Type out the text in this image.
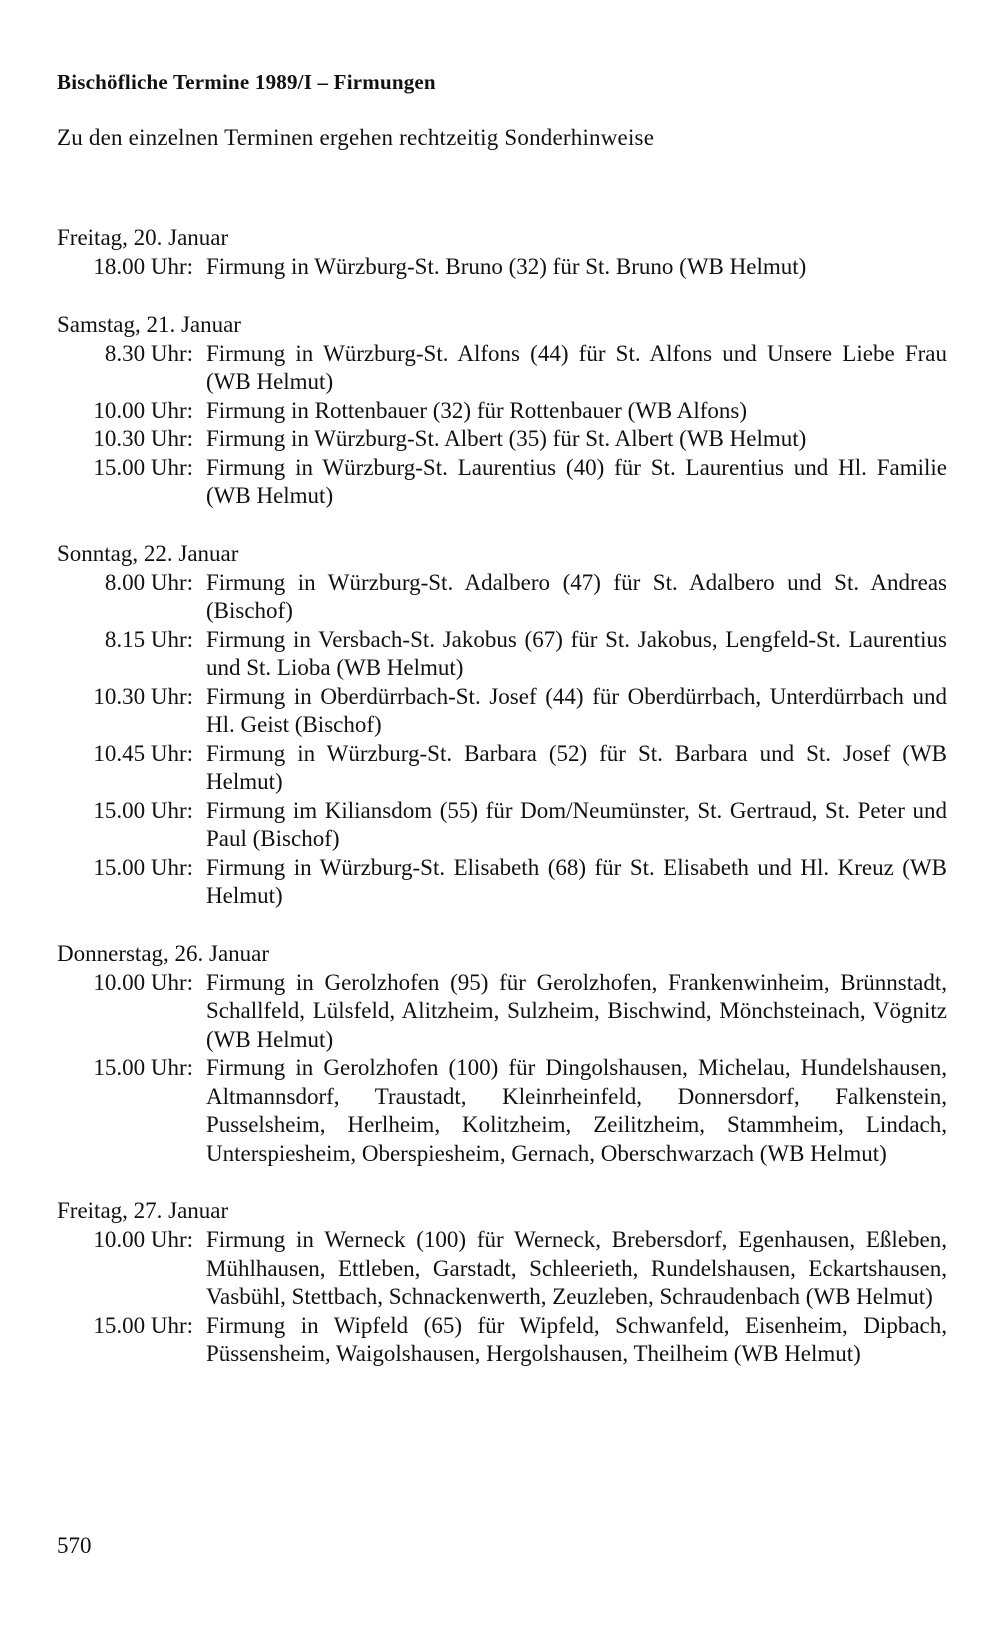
Bischöfliche Termine 1989/I – Firmungen
Zu den einzelnen Terminen ergehen rechtzeitig Sonderhinweise
Freitag, 20. Januar
18.00 Uhr: Firmung in Würzburg-St. Bruno (32) für St. Bruno (WB Helmut)
Samstag, 21. Januar
8.30 Uhr: Firmung in Würzburg-St. Alfons (44) für St. Alfons und Unsere Liebe Frau (WB Helmut)
10.00 Uhr: Firmung in Rottenbauer (32) für Rottenbauer (WB Alfons)
10.30 Uhr: Firmung in Würzburg-St. Albert (35) für St. Albert (WB Helmut)
15.00 Uhr: Firmung in Würzburg-St. Laurentius (40) für St. Laurentius und Hl. Familie (WB Helmut)
Sonntag, 22. Januar
8.00 Uhr: Firmung in Würzburg-St. Adalbero (47) für St. Adalbero und St. Andreas (Bischof)
8.15 Uhr: Firmung in Versbach-St. Jakobus (67) für St. Jakobus, Lengfeld-St. Laurentius und St. Lioba (WB Helmut)
10.30 Uhr: Firmung in Oberdürrbach-St. Josef (44) für Oberdürrbach, Unterdürrbach und Hl. Geist (Bischof)
10.45 Uhr: Firmung in Würzburg-St. Barbara (52) für St. Barbara und St. Josef (WB Helmut)
15.00 Uhr: Firmung im Kiliansdom (55) für Dom/Neumünster, St. Gertraud, St. Peter und Paul (Bischof)
15.00 Uhr: Firmung in Würzburg-St. Elisabeth (68) für St. Elisabeth und Hl. Kreuz (WB Helmut)
Donnerstag, 26. Januar
10.00 Uhr: Firmung in Gerolzhofen (95) für Gerolzhofen, Frankenwinheim, Brünnstadt, Schallfeld, Lülsfeld, Alitzheim, Sulzheim, Bischwind, Mönchsteinach, Vögnitz (WB Helmut)
15.00 Uhr: Firmung in Gerolzhofen (100) für Dingolshausen, Michelau, Hundelshausen, Altmannsdorf, Traustadt, Kleinrheinfeld, Donnersdorf, Falkenstein, Pusselsheim, Herlheim, Kolitzheim, Zeilitzheim, Stammheim, Lindach, Unterspiesheim, Oberspiesheim, Gernach, Oberschwarzach (WB Helmut)
Freitag, 27. Januar
10.00 Uhr: Firmung in Werneck (100) für Werneck, Brebersdorf, Egenhausen, Eßleben, Mühlhausen, Ettleben, Garstadt, Schleerieth, Rundelshausen, Eckartshausen, Vasbühl, Stettbach, Schnackenwerth, Zeuzleben, Schraudenbach (WB Helmut)
15.00 Uhr: Firmung in Wipfeld (65) für Wipfeld, Schwanfeld, Eisenheim, Dipbach, Püssensheim, Waigolshausen, Hergolshausen, Theilheim (WB Helmut)
570
